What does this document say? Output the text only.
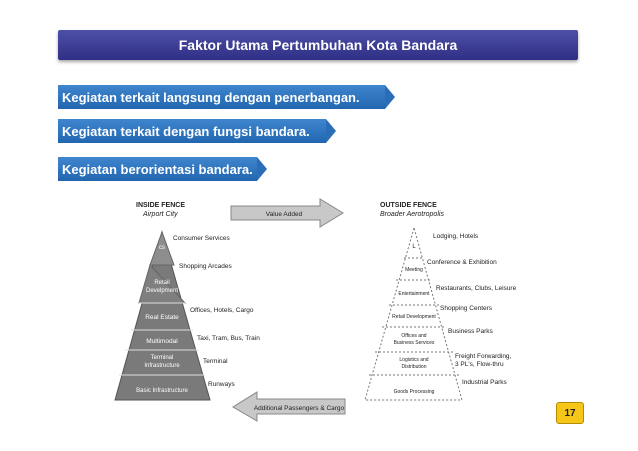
Faktor Utama Pertumbuhan Kota Bandara
Kegiatan terkait langsung dengan penerbangan.
Kegiatan terkait dengan fungsi bandara.
Kegiatan berorientasi bandara.
INSIDE FENCE
Airport City
cs
Retail
Develpment
Real Estate
Multimodal
Terminal
Infrastructure
Basic Infrastructure
Consumer Services
Shopping Arcades
Offices, Hotels, Cargo
Taxi, Tram, Bus, Train
Terminal
Runways
Value Added
OUTSIDE FENCE
Broader Aerotropolis
L
Meeting
Entertainment
Retail Development
Offices and
Business Services
Logistics and
Distribution
Goods Processing
Lodging, Hotels
Conference & Exhibition
Restaurants, Clubs, Leisure
Shopping Centers
Business Parks
Freight Forwarding,
3 PL's, Flow-thru
Industrial Parks
Additional Passengers & Cargo	17
